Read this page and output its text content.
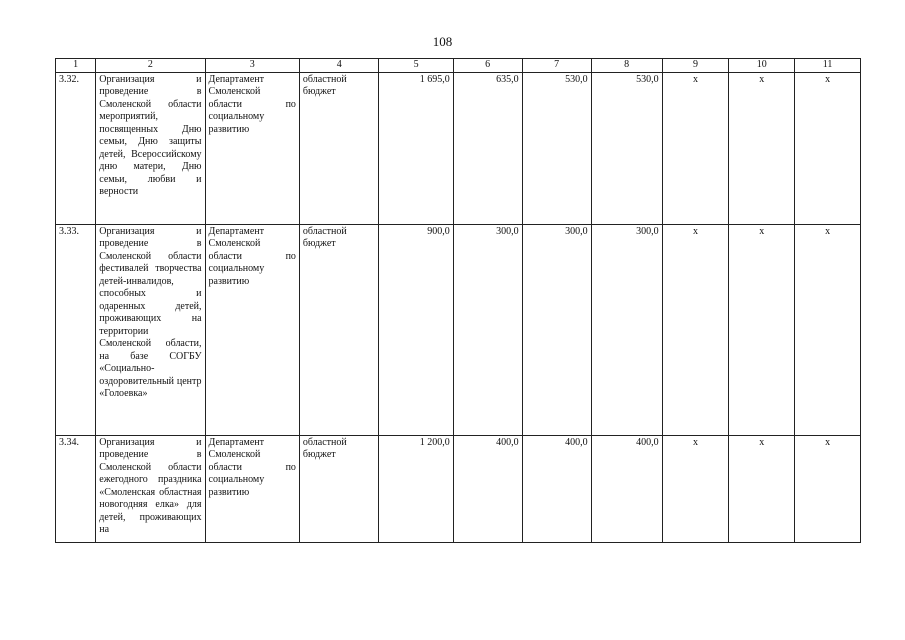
108
1	2	3	4	5	6	7	8	9	10	11
3.32.	Организация и проведение в Смоленской области мероприятий, посвященных Дню семьи, Дню защиты детей, Всероссийскому дню матери, Дню семьи, любви и верности	Департамент Смоленской области по социальному развитию	областной бюджет	1 695,0	635,0	530,0	530,0	х	х	х
3.33.	Организация и проведение в Смоленской области фестивалей творчества детей-инвалидов, способных и одаренных детей, проживающих на территории Смоленской области, на базе СОГБУ «Социально-оздоровительный центр «Голоевка»	Департамент Смоленской области по социальному развитию	областной бюджет	900,0	300,0	300,0	300,0	х	х	х
3.34.	Организация и проведение в Смоленской области ежегодного праздника «Смоленская областная новогодняя елка» для детей, проживающих на	Департамент Смоленской области по социальному развитию	областной бюджет	1 200,0	400,0	400,0	400,0	х	х	х
